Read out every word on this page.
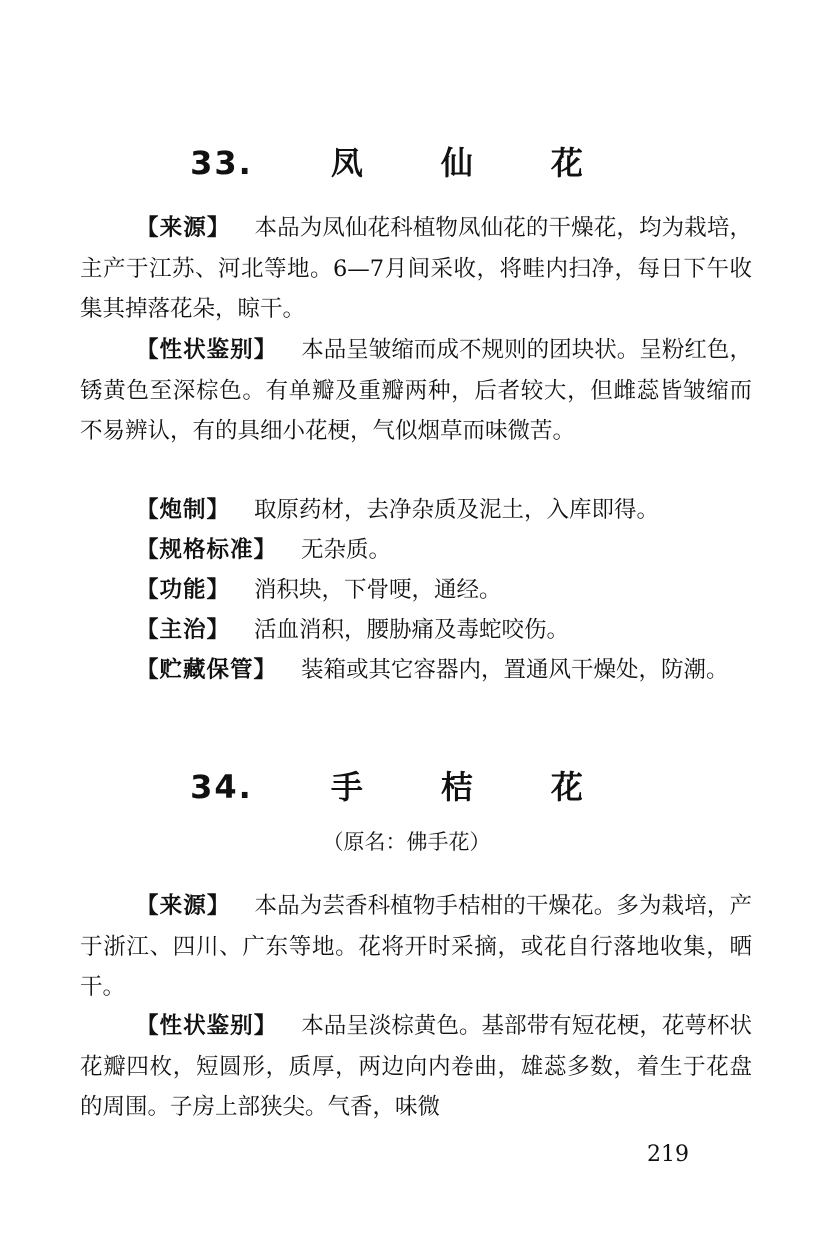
33. 凤 仙 花

【来源】 本品为凤仙花科植物凤仙花的干燥花，均为栽培，主产于江苏、河北等地。6—7月间采收，将畦内扫净，每日下午收集其掉落花朵，晾干。

【性状鉴别】 本品呈皱缩而成不规则的团块状。呈粉红色，锈黄色至深棕色。有单瓣及重瓣两种，后者较大，但雌蕊皆皱缩而不易辨认，有的具细小花梗，气似烟草而味微苦。

【炮制】 取原药材，去净杂质及泥土，入库即得。

【规格标准】 无杂质。

【功能】 消积块，下骨哽，通经。

【主治】 活血消积，腰胁痛及毒蛇咬伤。

【贮藏保管】 装箱或其它容器内，置通风干燥处，防潮。

34. 手 桔 花

（原名：佛手花）

【来源】 本品为芸香科植物手桔柑的干燥花。多为栽培，产于浙江、四川、广东等地。花将开时采摘，或花自行落地收集，晒干。

【性状鉴别】 本品呈淡棕黄色。基部带有短花梗，花萼杯状花瓣四枚，短圆形，质厚，两边向内卷曲，雄蕊多数，着生于花盘的周围。子房上部狭尖。气香，味微

219
